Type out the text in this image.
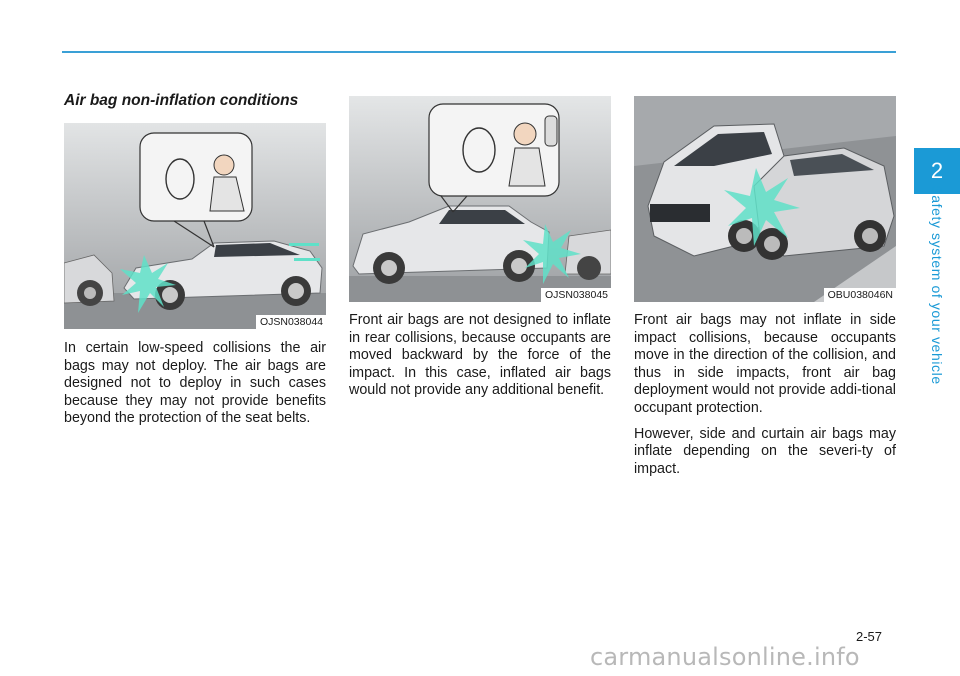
2
Safety system of your vehicle
Air bag non-inflation conditions
OJSN038044
OJSN038045	OBU038046N

In certain low-speed collisions the air bags may not deploy. The air bags are designed not to deploy in such cases because they may not provide benefits beyond the protection of the seat belts.

Front air bags are not designed to inflate in rear collisions, because occupants are moved backward by the force of the impact. In this case, inflated air bags would not provide any additional benefit.

Front air bags may not inflate in side impact collisions, because occupants move in the direction of the collision, and thus in side impacts, front air bag deployment would not provide addi-tional occupant protection.

However, side and curtain air bags may inflate depending on the severi-ty of impact.

2-57
carmanualsonline.info
